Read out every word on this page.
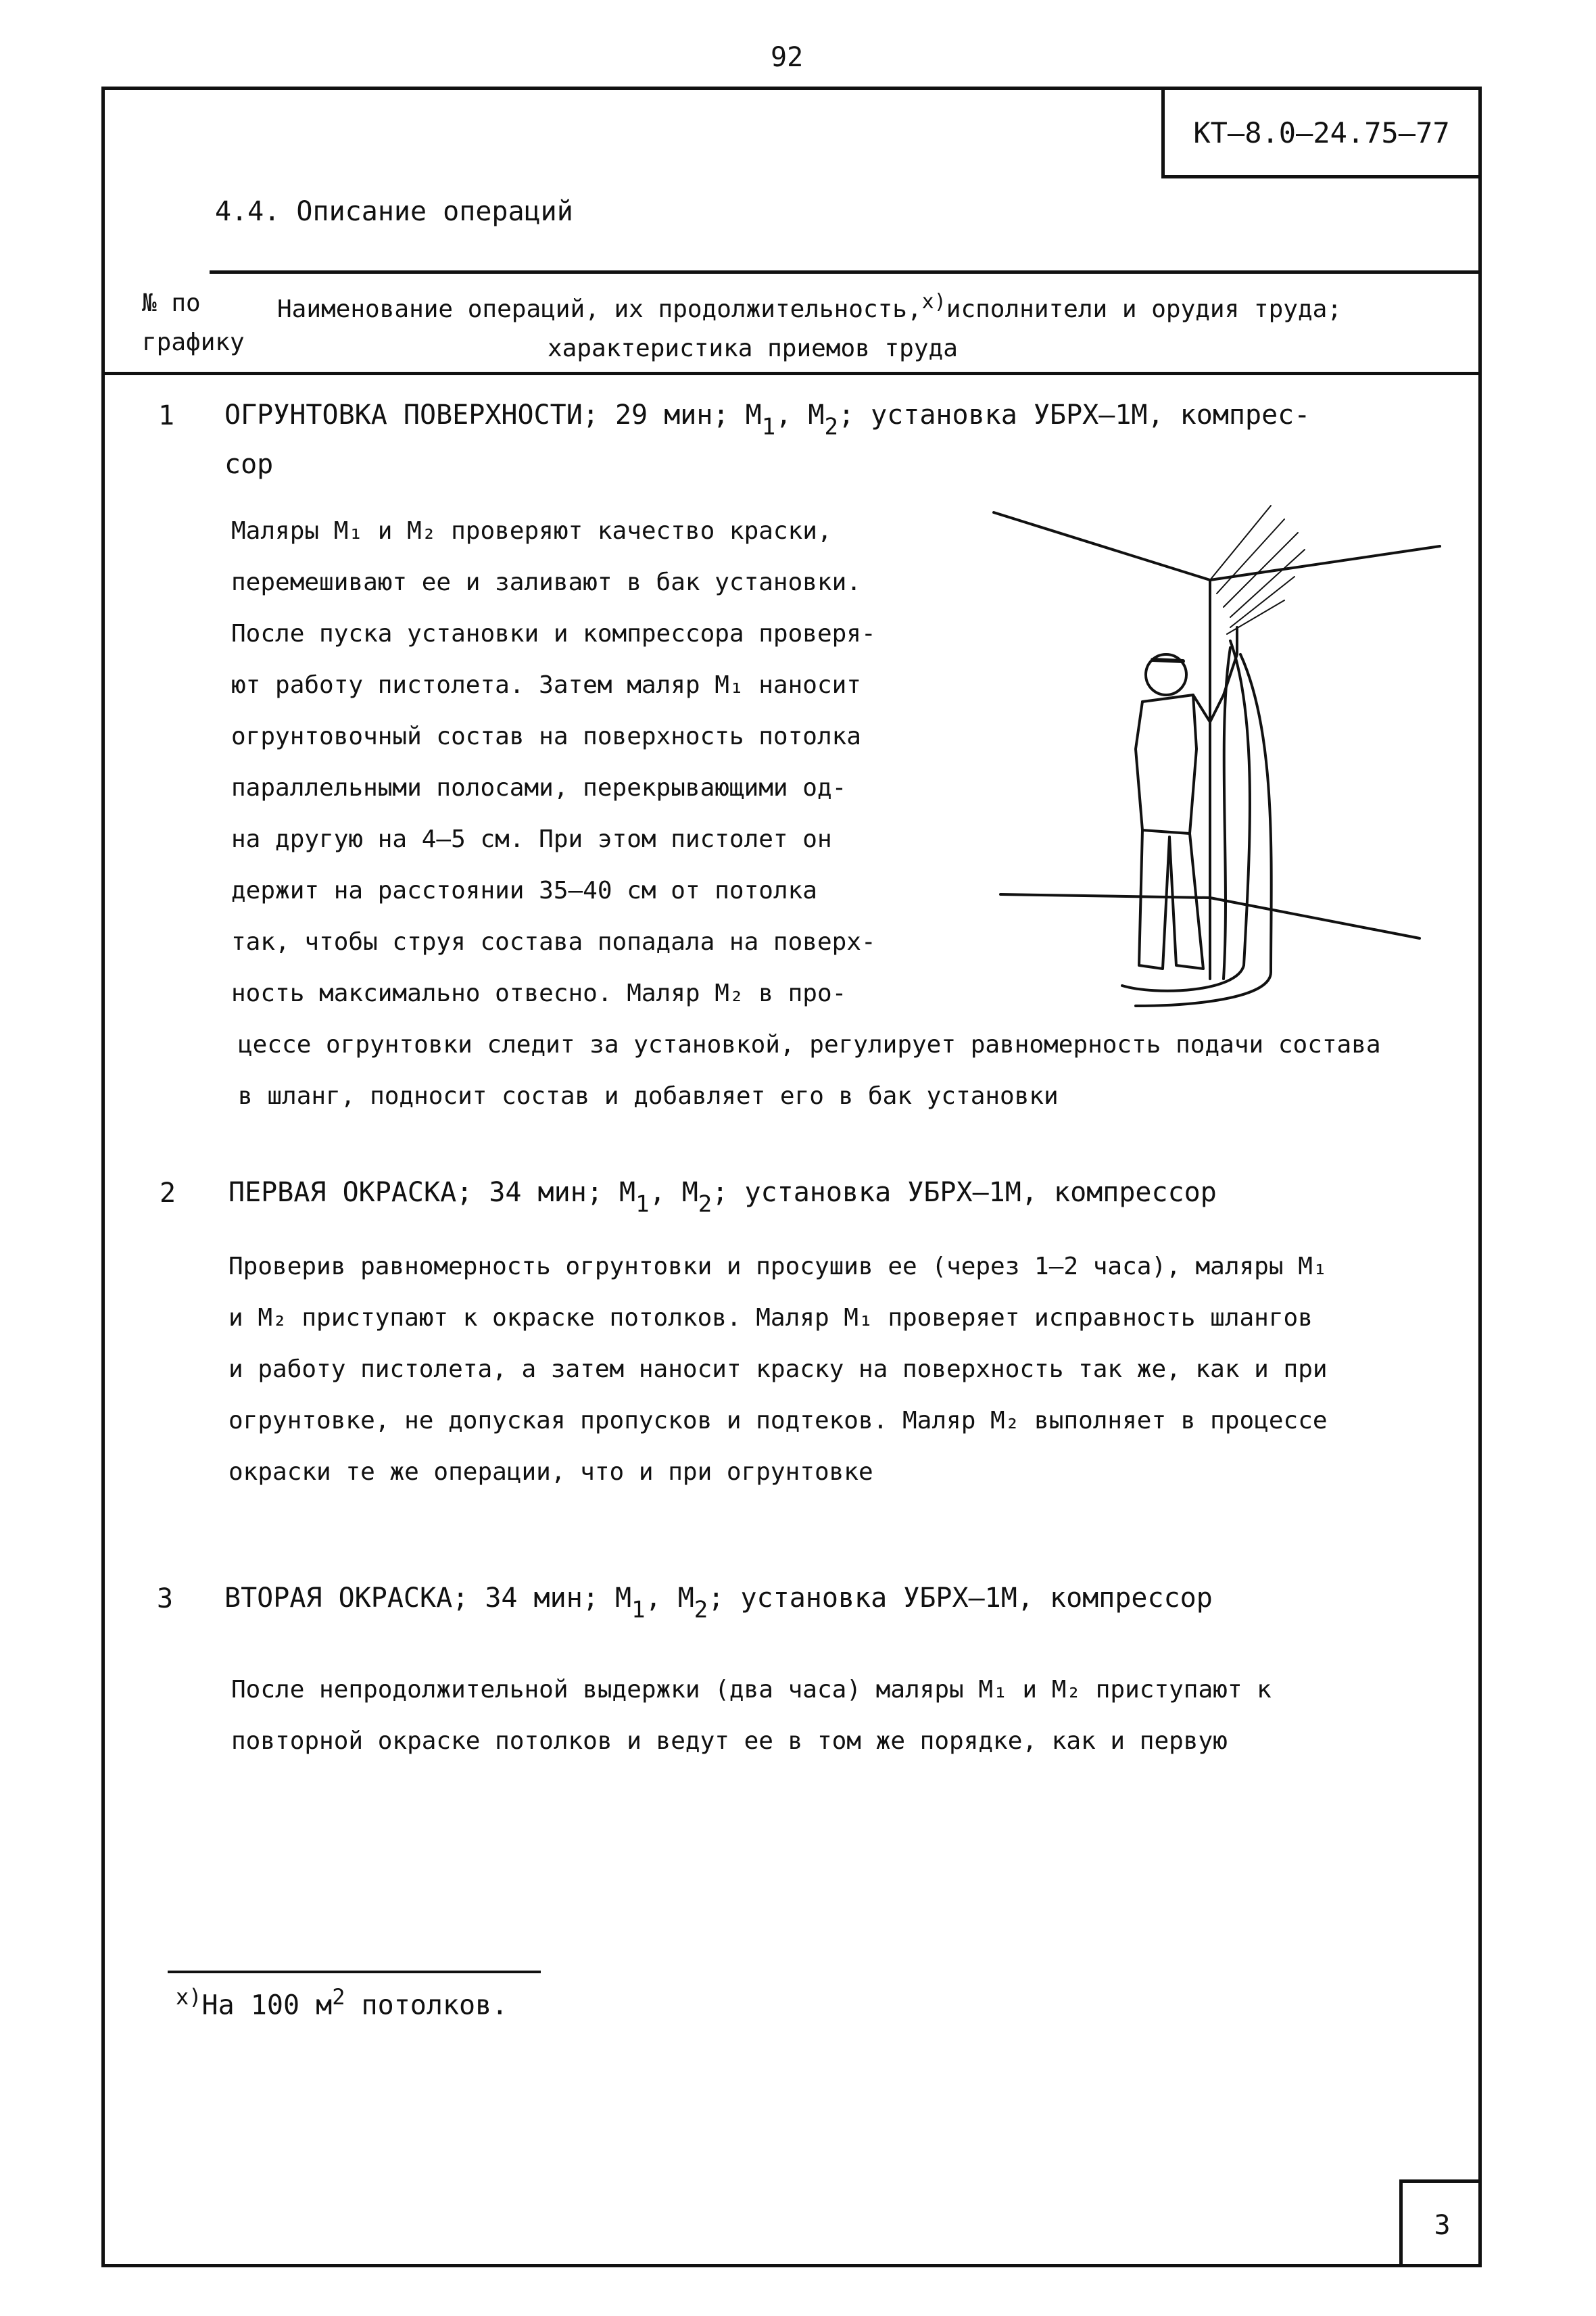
92
КТ–8.0–24.75–77
4.4. Описание операций
№ по
графику
Наименование операций, их продолжительность,$^{х)}$исполнители и орудия труда;
характеристика приемов труда
1 ОГРУНТОВКА ПОВЕРХНОСТИ; 29 мин; $М_1$, $М_2$; установка УБРХ–1М, компрес-
сор
Маляры М₁ и М₂ проверяют качество краски,
перемешивают ее и заливают в бак установки.
После пуска установки и компрессора проверя-
ют работу пистолета. Затем маляр М₁ наносит
огрунтовочный состав на поверхность потолка
параллельными полосами, перекрывающими од-
на другую на 4–5 см. При этом пистолет он
держит на расстоянии 35–40 см от потолка
так, чтобы струя состава попадала на поверх-
ность максимально отвесно. Маляр М₂ в про-
цессе огрунтовки следит за установкой, регулирует равномерность подачи состава
в шланг, подносит состав и добавляет его в бак установки
2 ПЕРВАЯ ОКРАСКА; 34 мин; $М_1$, $М_2$; установка УБРХ–1М, компрессор
Проверив равномерность огрунтовки и просушив ее (через 1–2 часа), маляры М₁
и М₂ приступают к окраске потолков. Маляр М₁ проверяет исправность шлангов
и работу пистолета, а затем наносит краску на поверхность так же, как и при
огрунтовке, не допуская пропусков и подтеков. Маляр М₂ выполняет в процессе
окраски те же операции, что и при огрунтовке
3 ВТОРАЯ ОКРАСКА; 34 мин; $М_1$, $М_2$; установка УБРХ–1М, компрессор
После непродолжительной выдержки (два часа) маляры М₁ и М₂ приступают к
повторной окраске потолков и ведут ее в том же порядке, как и первую
$^{х)}$На 100 $м^2$ потолков.
3
